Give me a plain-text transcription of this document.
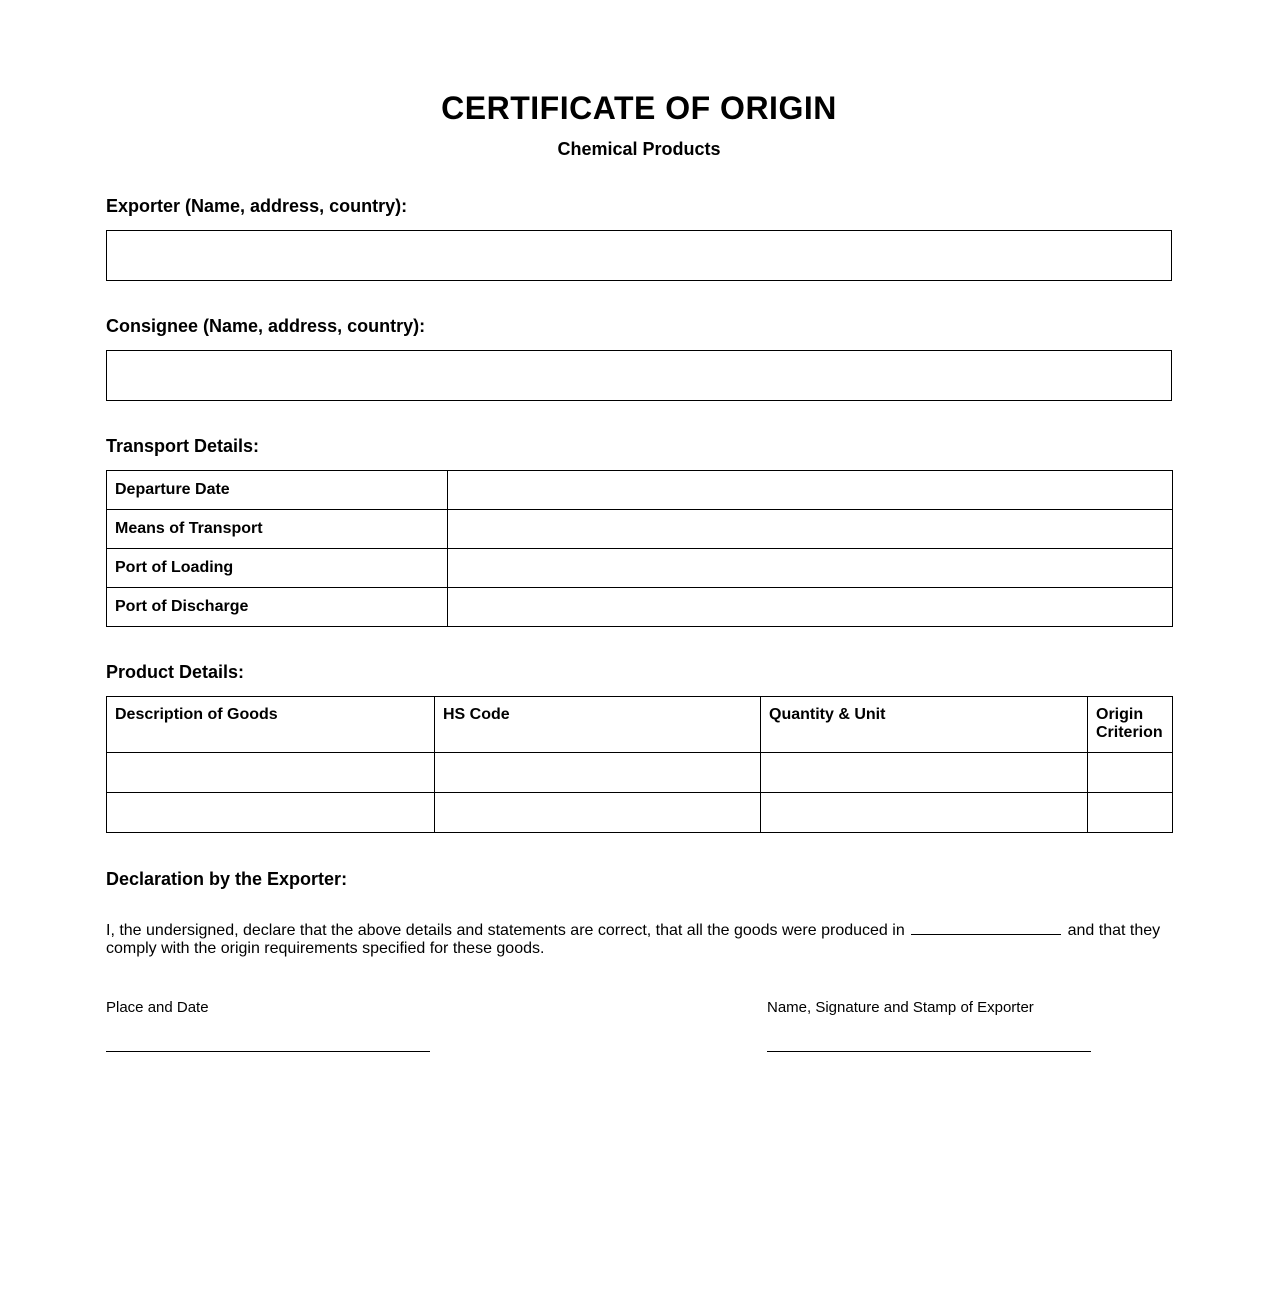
CERTIFICATE OF ORIGIN
Chemical Products
Exporter (Name, address, country):
Consignee (Name, address, country):
Transport Details:
Departure Date	
Means of Transport	
Port of Loading	
Port of Discharge	
Product Details:
Description of Goods	HS Code	Quantity & Unit	Origin Criterion

Declaration by the Exporter:

I, the undersigned, declare that the above details and statements are correct, that all the goods were produced in	and that they comply with the origin requirements specified for these goods.

Place and Date	Name, Signature and Stamp of Exporter
